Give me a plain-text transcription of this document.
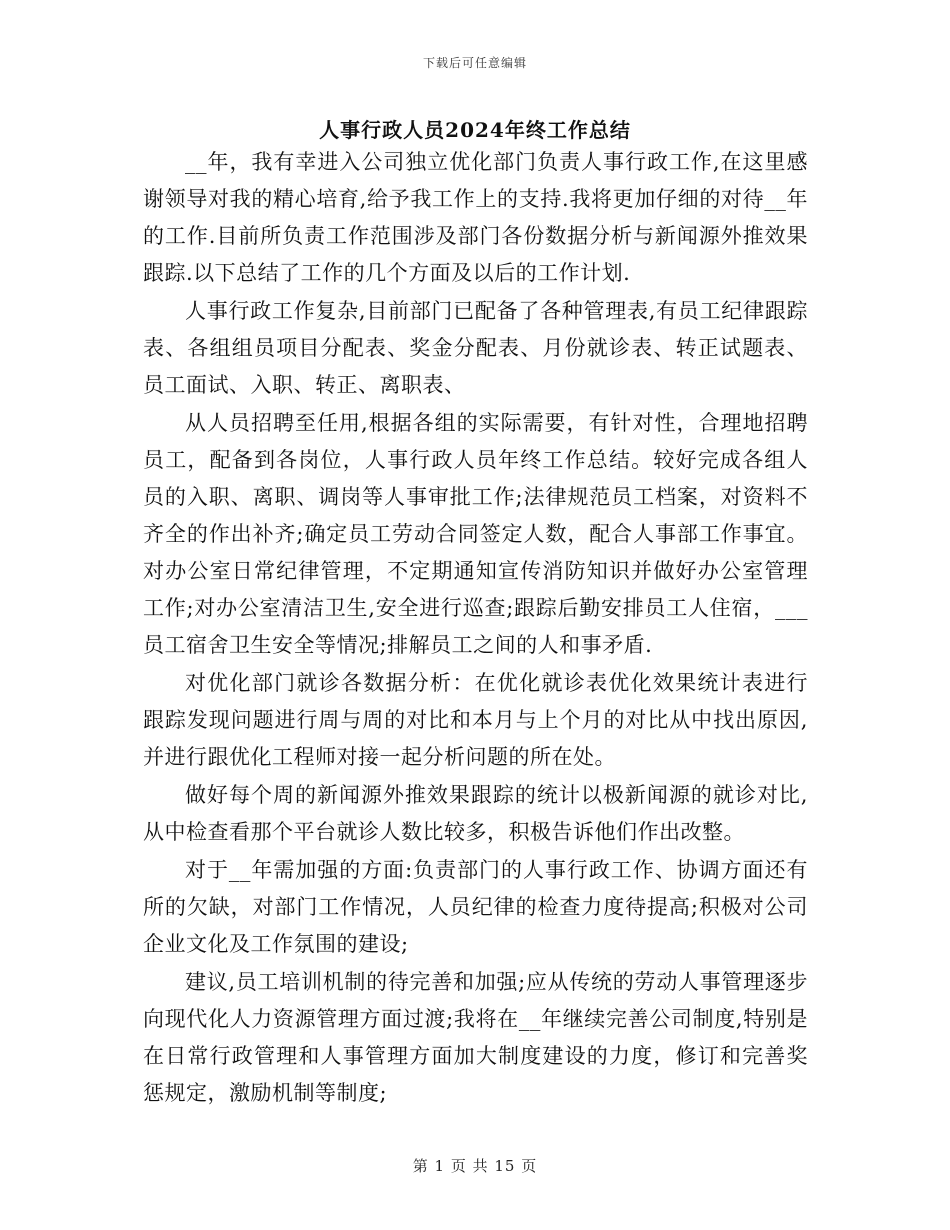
下载后可任意编辑
人事行政人员2024年终工作总结

__年，我有幸进入公司独立优化部门负责人事行政工作,在这里感谢领导对我的精心培育,给予我工作上的支持.我将更加仔细的对待__年的工作.目前所负责工作范围涉及部门各份数据分析与新闻源外推效果跟踪.以下总结了工作的几个方面及以后的工作计划.

人事行政工作复杂,目前部门已配备了各种管理表,有员工纪律跟踪表、各组组员项目分配表、奖金分配表、月份就诊表、转正试题表、员工面试、入职、转正、离职表、

从人员招聘至任用,根据各组的实际需要，有针对性，合理地招聘员工，配备到各岗位，人事行政人员年终工作总结。较好完成各组人员的入职、离职、调岗等人事审批工作;法律规范员工档案，对资料不齐全的作出补齐;确定员工劳动合同签定人数，配合人事部工作事宜。对办公室日常纪律管理，不定期通知宣传消防知识并做好办公室管理工作;对办公室清洁卫生,安全进行巡查;跟踪后勤安排员工人住宿，___员工宿舍卫生安全等情况;排解员工之间的人和事矛盾.

对优化部门就诊各数据分析：在优化就诊表优化效果统计表进行跟踪发现问题进行周与周的对比和本月与上个月的对比从中找出原因,并进行跟优化工程师对接一起分析问题的所在处。

做好每个周的新闻源外推效果跟踪的统计以极新闻源的就诊对比,从中检查看那个平台就诊人数比较多，积极告诉他们作出改整。

对于__年需加强的方面:负责部门的人事行政工作、协调方面还有所的欠缺，对部门工作情况，人员纪律的检查力度待提高;积极对公司企业文化及工作氛围的建设;

建议,员工培训机制的待完善和加强;应从传统的劳动人事管理逐步向现代化人力资源管理方面过渡;我将在__年继续完善公司制度,特别是在日常行政管理和人事管理方面加大制度建设的力度，修订和完善奖惩规定，激励机制等制度;

第 1 页 共 15 页
